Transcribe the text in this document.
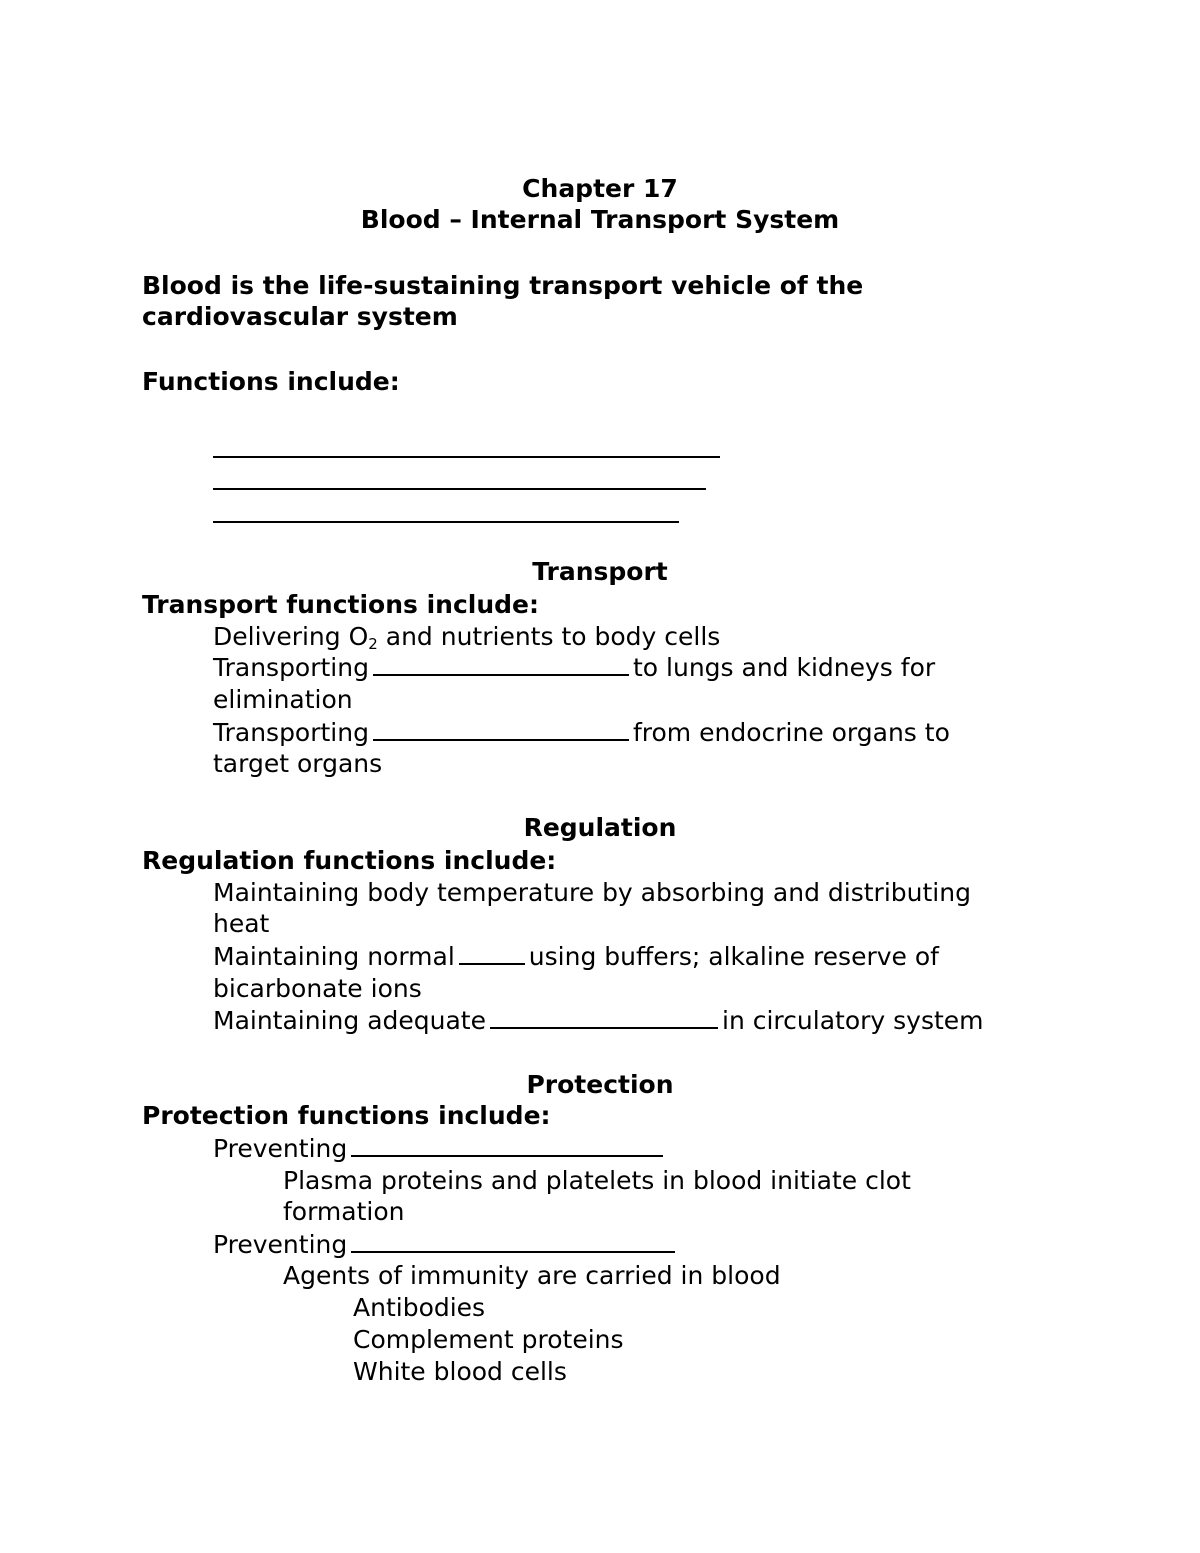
Chapter 17
Blood – Internal Transport System
Blood is the life-sustaining transport vehicle of the
cardiovascular system
Functions include:
Transport
Transport functions include:
Delivering $O_2$ and nutrients to body cells
Transporting	to lungs and kidneys for
elimination
Transporting	from endocrine organs to
target organs
Regulation
Regulation functions include:
Maintaining body temperature by absorbing and distributing
heat
Maintaining normal	using buffers; alkaline reserve of
bicarbonate ions
Maintaining adequate	in circulatory system
Protection
Protection functions include:
Preventing
Plasma proteins and platelets in blood initiate clot
formation
Preventing
Agents of immunity are carried in blood
Antibodies
Complement proteins
White blood cells
